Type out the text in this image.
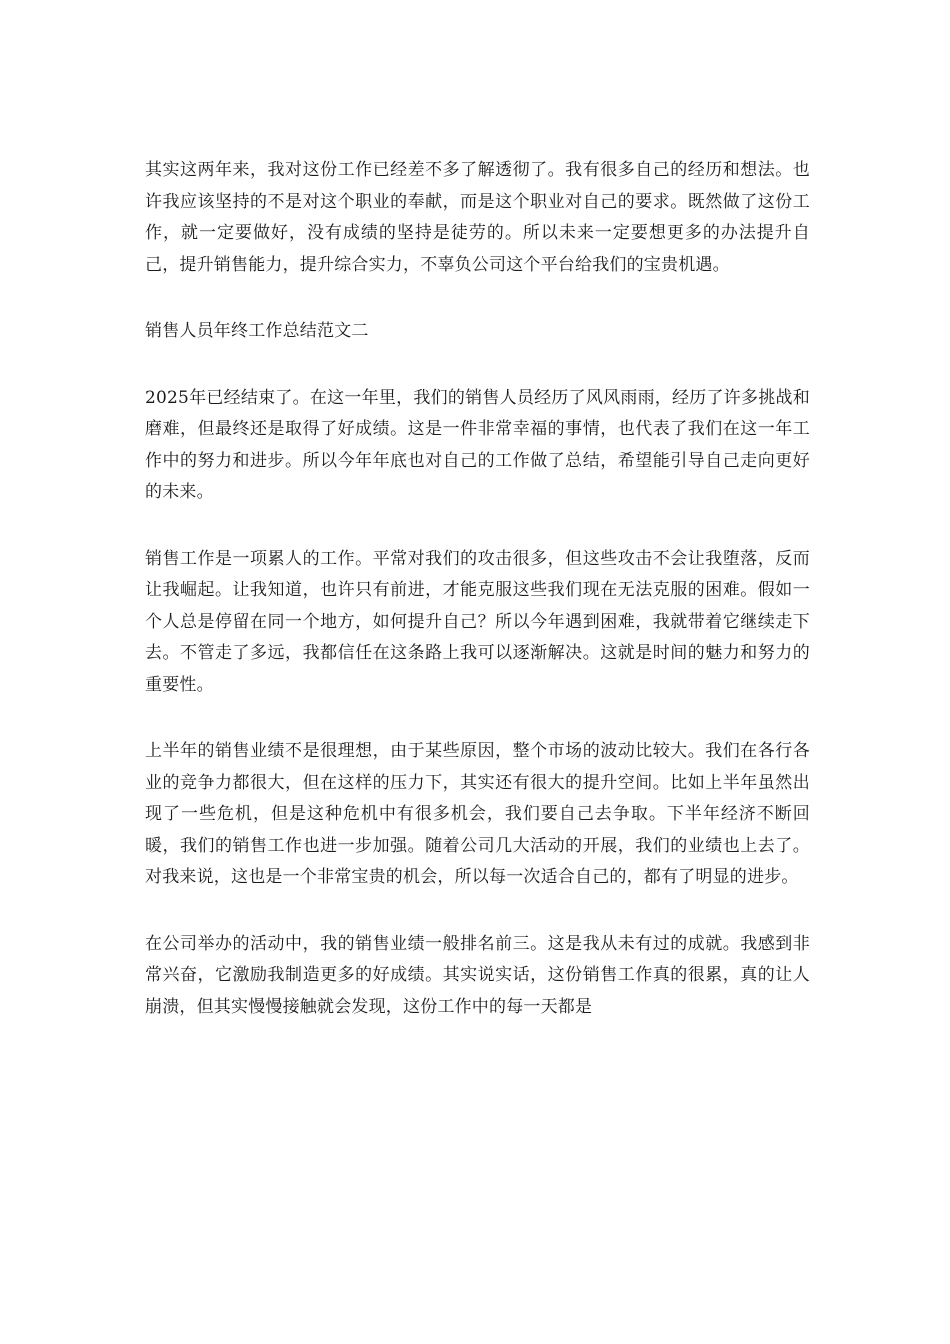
其实这两年来，我对这份工作已经差不多了解透彻了。我有很多自己的经历和想法。也许我应该坚持的不是对这个职业的奉献，而是这个职业对自己的要求。既然做了这份工作，就一定要做好，没有成绩的坚持是徒劳的。所以未来一定要想更多的办法提升自己，提升销售能力，提升综合实力，不辜负公司这个平台给我们的宝贵机遇。

销售人员年终工作总结范文二

2025年已经结束了。在这一年里，我们的销售人员经历了风风雨雨，经历了许多挑战和磨难，但最终还是取得了好成绩。这是一件非常幸福的事情，也代表了我们在这一年工作中的努力和进步。所以今年年底也对自己的工作做了总结，希望能引导自己走向更好的未来。

销售工作是一项累人的工作。平常对我们的攻击很多，但这些攻击不会让我堕落，反而让我崛起。让我知道，也许只有前进，才能克服这些我们现在无法克服的困难。假如一个人总是停留在同一个地方，如何提升自己？所以今年遇到困难，我就带着它继续走下去。不管走了多远，我都信任在这条路上我可以逐渐解决。这就是时间的魅力和努力的重要性。

上半年的销售业绩不是很理想，由于某些原因，整个市场的波动比较大。我们在各行各业的竞争力都很大，但在这样的压力下，其实还有很大的提升空间。比如上半年虽然出现了一些危机，但是这种危机中有很多机会，我们要自己去争取。下半年经济不断回暖，我们的销售工作也进一步加强。随着公司几大活动的开展，我们的业绩也上去了。对我来说，这也是一个非常宝贵的机会，所以每一次适合自己的，都有了明显的进步。

在公司举办的活动中，我的销售业绩一般排名前三。这是我从未有过的成就。我感到非常兴奋，它激励我制造更多的好成绩。其实说实话，这份销售工作真的很累，真的让人崩溃，但其实慢慢接触就会发现，这份工作中的每一天都是
